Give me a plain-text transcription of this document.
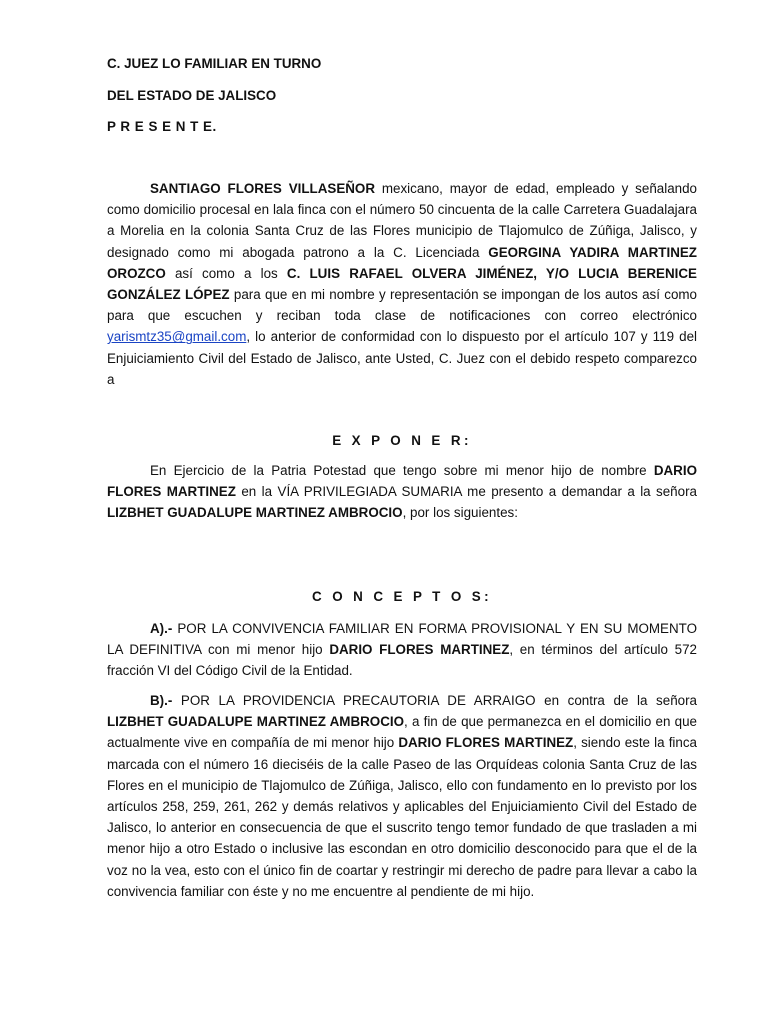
C. JUEZ LO FAMILIAR EN TURNO

DEL ESTADO DE JALISCO

P R E S E N T E.

SANTIAGO FLORES VILLASEÑOR mexicano, mayor de edad, empleado y señalando como domicilio procesal en lala finca con el número 50 cincuenta de la calle Carretera Guadalajara a Morelia en la colonia Santa Cruz de las Flores municipio de Tlajomulco de Zúñiga, Jalisco, y designado como mi abogada patrono a la C. Licenciada GEORGINA YADIRA MARTINEZ OROZCO así como a los C. LUIS RAFAEL OLVERA JIMÉNEZ, Y/O LUCIA BERENICE GONZÁLEZ LÓPEZ para que en mi nombre y representación se impongan de los autos así como para que escuchen y reciban toda clase de notificaciones con correo electrónico yarismtz35@gmail.com, lo anterior de conformidad con lo dispuesto por el artículo 107 y 119 del Enjuiciamiento Civil del Estado de Jalisco, ante Usted, C. Juez con el debido respeto comparezco a

E X P O N E R:

En Ejercicio de la Patria Potestad que tengo sobre mi menor hijo de nombre DARIO FLORES MARTINEZ en la VÍA PRIVILEGIADA SUMARIA me presento a demandar a la señora LIZBHET GUADALUPE MARTINEZ AMBROCIO, por los siguientes:

C O N C E P T O S:

A).- POR LA CONVIVENCIA FAMILIAR EN FORMA PROVISIONAL Y EN SU MOMENTO LA DEFINITIVA con mi menor hijo DARIO FLORES MARTINEZ, en términos del artículo 572 fracción VI del Código Civil de la Entidad.

B).- POR LA PROVIDENCIA PRECAUTORIA DE ARRAIGO en contra de la señora LIZBHET GUADALUPE MARTINEZ AMBROCIO, a fin de que permanezca en el domicilio en que actualmente vive en compañía de mi menor hijo DARIO FLORES MARTINEZ, siendo este la finca marcada con el número 16 dieciséis de la calle Paseo de las Orquídeas colonia Santa Cruz de las Flores en el municipio de Tlajomulco de Zúñiga, Jalisco, ello con fundamento en lo previsto por los artículos 258, 259, 261, 262 y demás relativos y aplicables del Enjuiciamiento Civil del Estado de Jalisco, lo anterior en consecuencia de que el suscrito tengo temor fundado de que trasladen a mi menor hijo a otro Estado o inclusive las escondan en otro domicilio desconocido para que el de la voz no la vea, esto con el único fin de coartar y restringir mi derecho de padre para llevar a cabo la convivencia familiar con éste y no me encuentre al pendiente de mi hijo.
